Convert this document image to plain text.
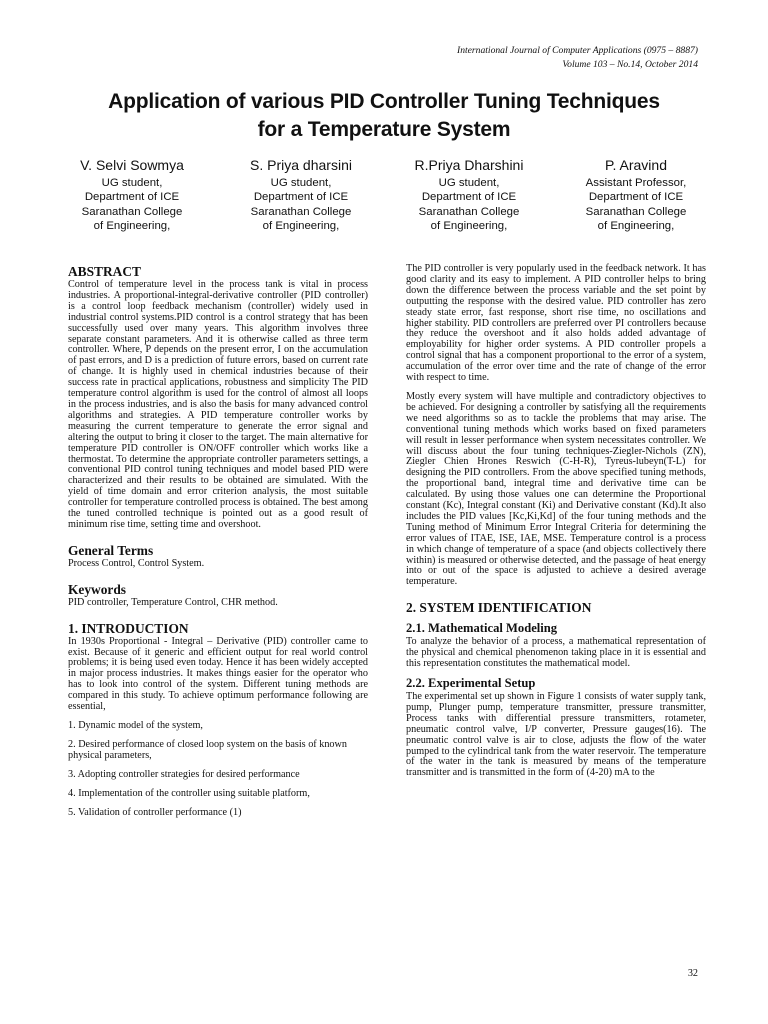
International Journal of Computer Applications (0975 – 8887)
Volume 103 – No.14, October 2014
Application of various PID Controller Tuning Techniques
for a Temperature System
V. Selvi Sowmya
UG student,
Department of ICE
Saranathan College
of Engineering,
S. Priya dharsini
UG student,
Department of ICE
Saranathan College
of Engineering,
R.Priya Dharshini
UG student,
Department of ICE
Saranathan College
of Engineering,
P. Aravind
Assistant Professor,
Department of ICE
Saranathan College
of Engineering,
ABSTRACT

Control of temperature level in the process tank is vital in process industries. A proportional-integral-derivative controller (PID controller) is a control loop feedback mechanism (controller) widely used in industrial control systems.PID control is a control strategy that has been successfully used over many years. This algorithm involves three separate constant parameters. And it is otherwise called as three term controller. Where, P depends on the present error, I on the accumulation of past errors, and D is a prediction of future errors, based on current rate of change. It is highly used in chemical industries because of their success rate in practical applications, robustness and simplicity The PID temperature control algorithm is used for the control of almost all loops in the process industries, and is also the basis for many advanced control algorithms and strategies. A PID temperature controller works by measuring the current temperature to generate the error signal and altering the output to bring it closer to the target. The main alternative for temperature PID controller is ON/OFF controller which works like a thermostat. To determine the appropriate controller parameters settings, a conventional PID control tuning techniques and model based PID were characterized and their results to be obtained are simulated. With the yield of time domain and error criterion analysis, the most suitable controller for temperature controlled process is obtained. The best among the tuned controlled technique is pointed out as a good result of minimum rise time, setting time and overshoot.

General Terms

Process Control, Control System.

Keywords

PID controller, Temperature Control, CHR method.

1. INTRODUCTION

In 1930s Proportional - Integral – Derivative (PID) controller came to exist. Because of it generic and efficient output for real world control problems; it is being used even today. Hence it has been widely accepted in major process industries. It makes things easier for the operator who has to look into control of the system. Different tuning methods are compared in this study. To achieve optimum performance following are essential,

1. Dynamic model of the system,

2. Desired performance of closed loop system on the basis of known physical parameters,

3. Adopting controller strategies for desired performance

4. Implementation of the controller using suitable platform,

5. Validation of controller performance (1)

The PID controller is very popularly used in the feedback network. It has good clarity and its easy to implement. A PID controller helps to bring down the difference between the process variable and the set point by outputting the response with the desired value. PID controller has zero steady state error, fast response, short rise time, no oscillations and higher stability. PID controllers are preferred over PI controllers because they reduce the overshoot and it also holds added advantage of employability for higher order systems. A PID controller propels a control signal that has a component proportional to the error of a system, accumulation of the error over time and the rate of change of the error with respect to time.

Mostly every system will have multiple and contradictory objectives to be achieved. For designing a controller by satisfying all the requirements we need algorithms so as to tackle the problems that may arise. The conventional tuning methods which works based on fixed parameters will result in lesser performance when system necessitates controller. We will discuss about the four tuning techniques-Ziegler-Nichols (ZN), Ziegler Chien Hrones Reswich (C-H-R), Tyreus-lubeyn(T-L) for designing the PID controllers. From the above specified tuning methods, the proportional band, integral time and derivative time can be calculated. By using those values one can determine the Proportional constant (Kc), Integral constant (Ki) and Derivative constant (Kd).It also includes the PID values [Kc,Ki,Kd] of the four tuning methods and the Tuning method of Minimum Error Integral Criteria for determining the error values of ITAE, ISE, IAE, MSE. Temperature control is a process in which change of temperature of a space (and objects collectively there within) is measured or otherwise detected, and the passage of heat energy into or out of the space is adjusted to achieve a desired average temperature.

2. SYSTEM IDENTIFICATION
2.1. Mathematical Modeling

To analyze the behavior of a process, a mathematical representation of the physical and chemical phenomenon taking place in it is essential and this representation constitutes the mathematical model.

2.2. Experimental Setup

The experimental set up shown in Figure 1 consists of water supply tank, pump, Plunger pump, temperature transmitter, pressure transmitter, Process tanks with differential pressure transmitters, rotameter, pneumatic control valve, I/P converter, Pressure gauges(16). The pneumatic control valve is air to close, adjusts the flow of the water pumped to the cylindrical tank from the water reservoir. The temperature of the water in the tank is measured by means of the temperature transmitter and is transmitted in the form of (4-20) mA to the

32
